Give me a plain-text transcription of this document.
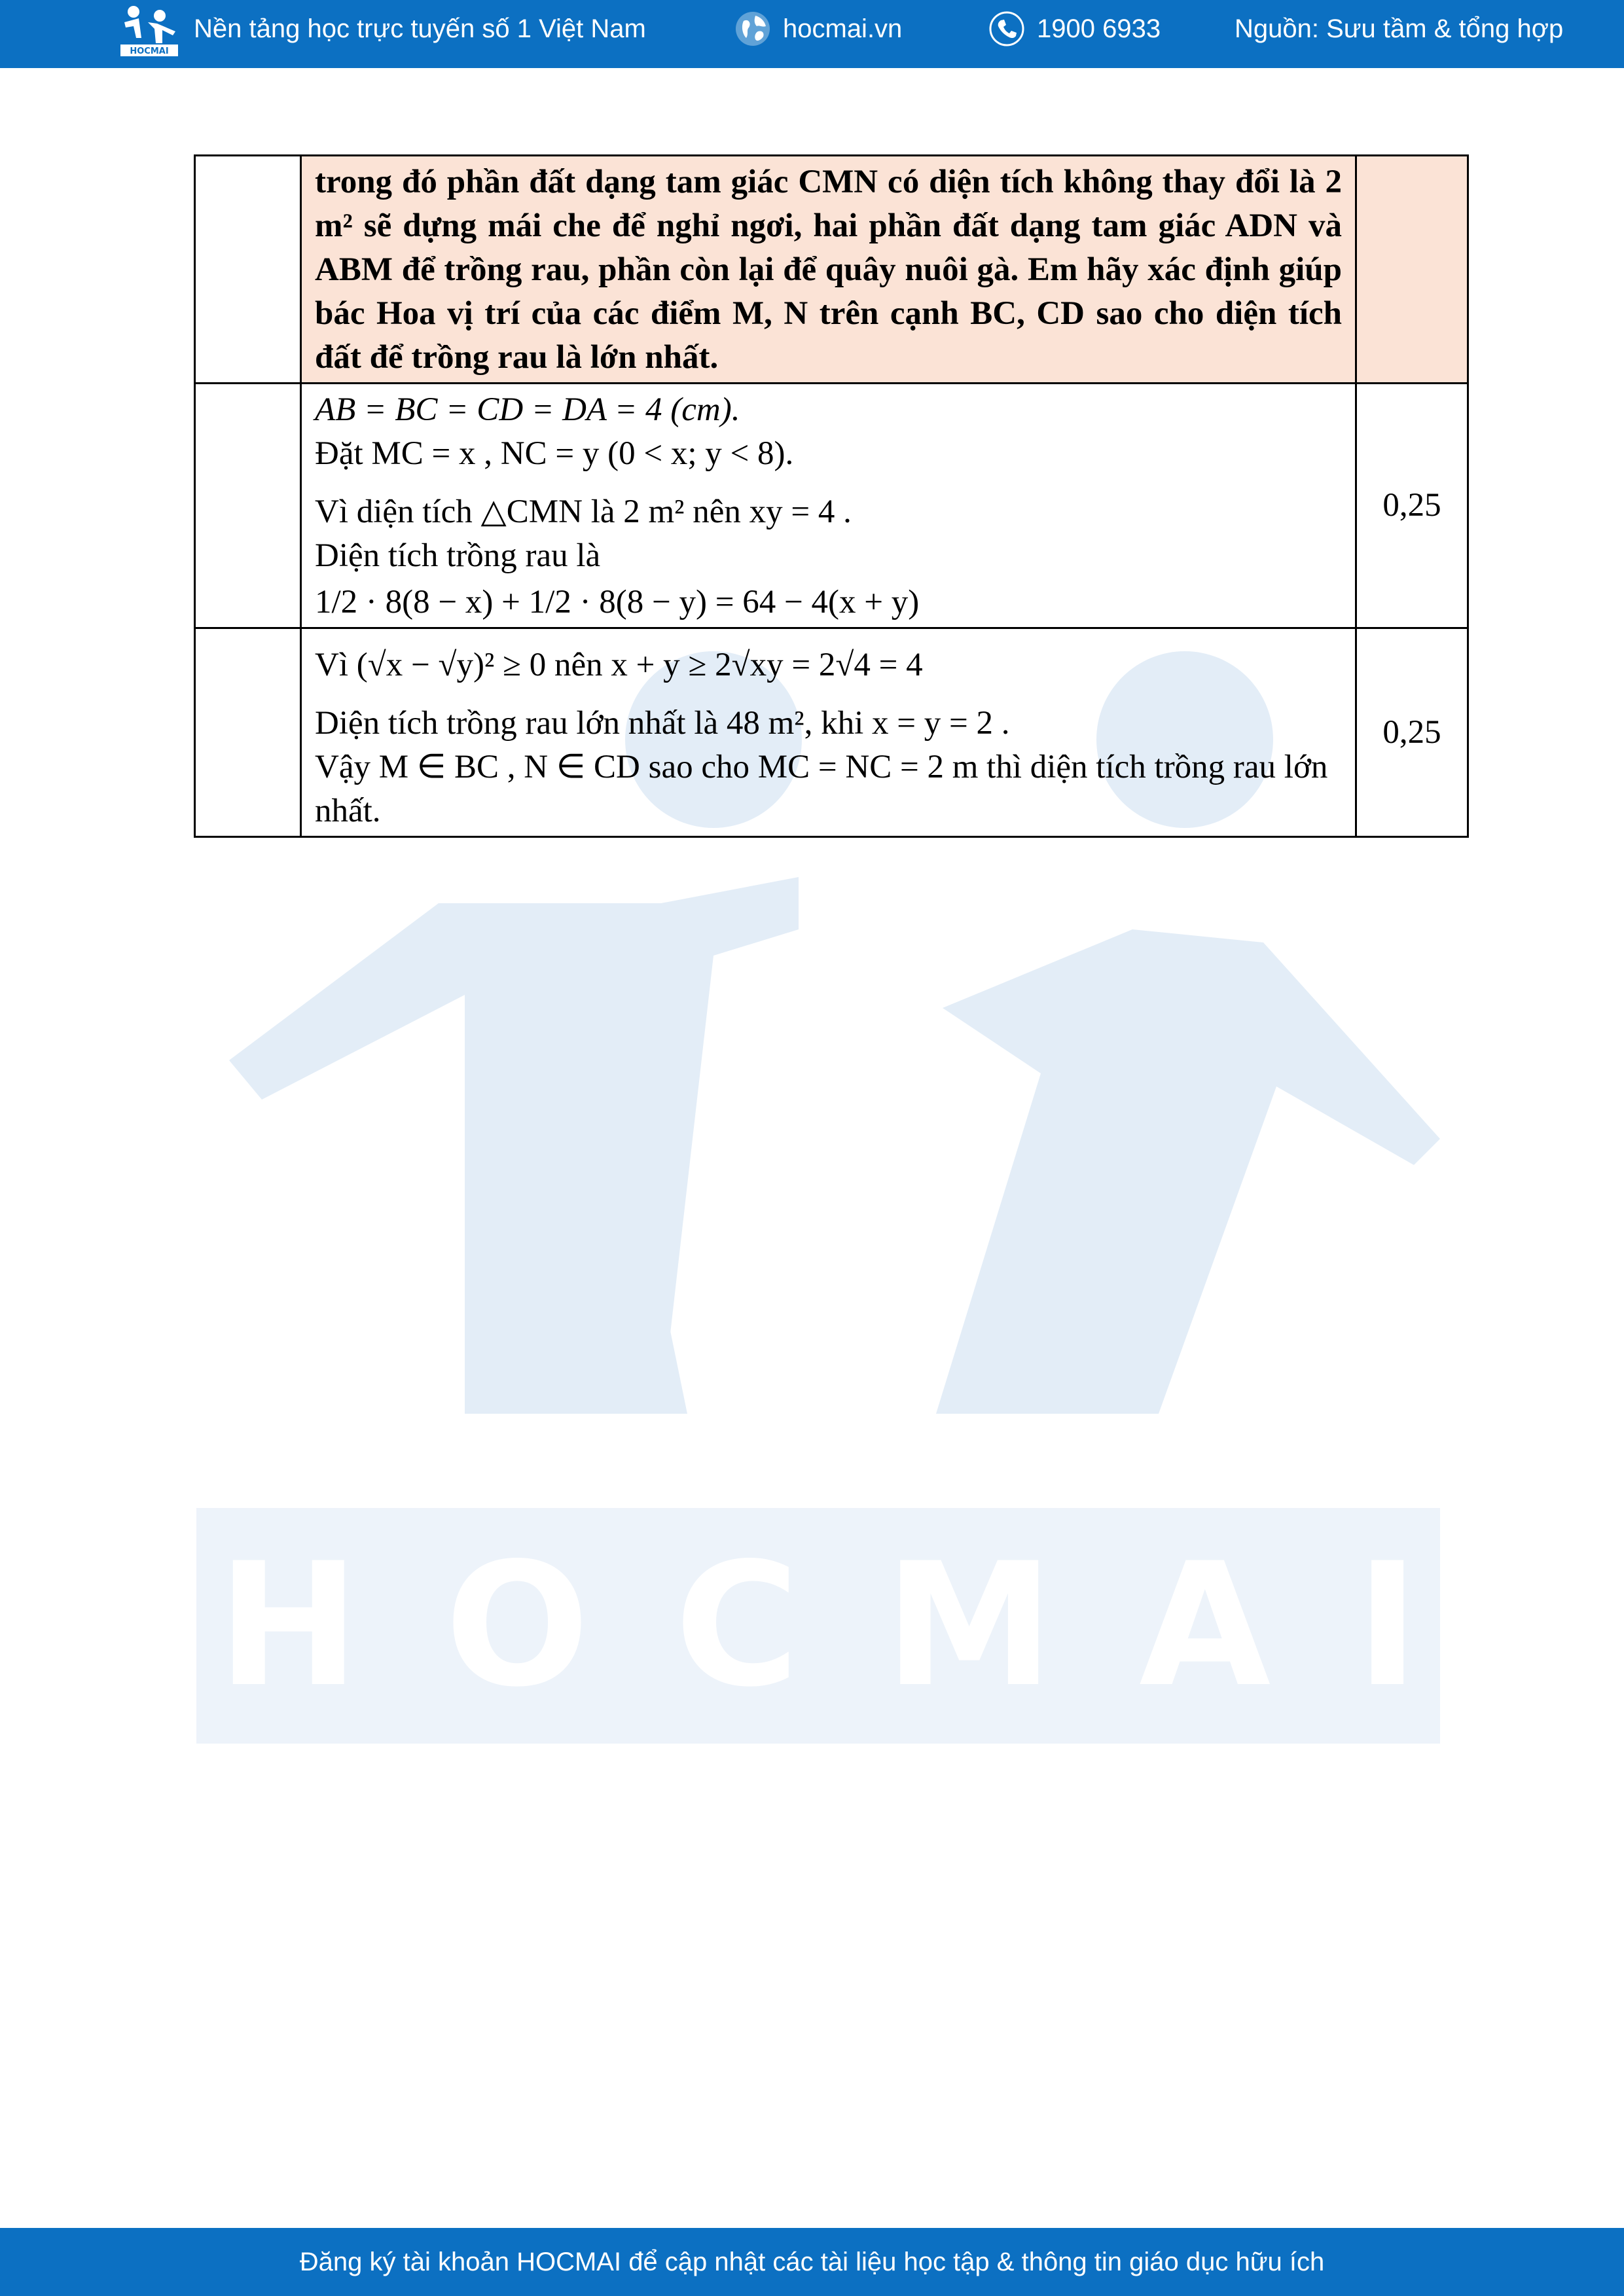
HOCMAI
Nền tảng học trực tuyến số 1 Việt Nam	hocmai.vn	1900 6933	Nguồn: Sưu tầm & tổng hợp
HOCMAI
	trong đó phần đất dạng tam giác CMN có diện tích không thay đổi là 2 m² sẽ dựng mái che để nghỉ ngơi, hai phần đất dạng tam giác ADN và ABM để trồng rau, phần còn lại để quây nuôi gà. Em hãy xác định giúp bác Hoa vị trí của các điểm M, N trên cạnh BC, CD sao cho diện tích đất để trồng rau là lớn nhất.	

	AB = BC = CD = DA = 4 (cm).
Đặt MC = x , NC = y (0 < x; y < 8).
Vì diện tích △CMN là 2 m² nên xy = 4 .
Diện tích trồng rau là
1/2 · 8(8 − x) + 1/2 · 8(8 − y) = 64 − 4(x + y)	0,25

	Vì (√x − √y)² ≥ 0 nên x + y ≥ 2√xy = 2√4 = 4
Diện tích trồng rau lớn nhất là 48 m², khi x = y = 2 .
Vậy M ∈ BC , N ∈ CD sao cho MC = NC = 2 m thì diện tích trồng rau lớn nhất.	0,25
Đăng ký tài khoản HOCMAI để cập nhật các tài liệu học tập & thông tin giáo dục hữu ích
